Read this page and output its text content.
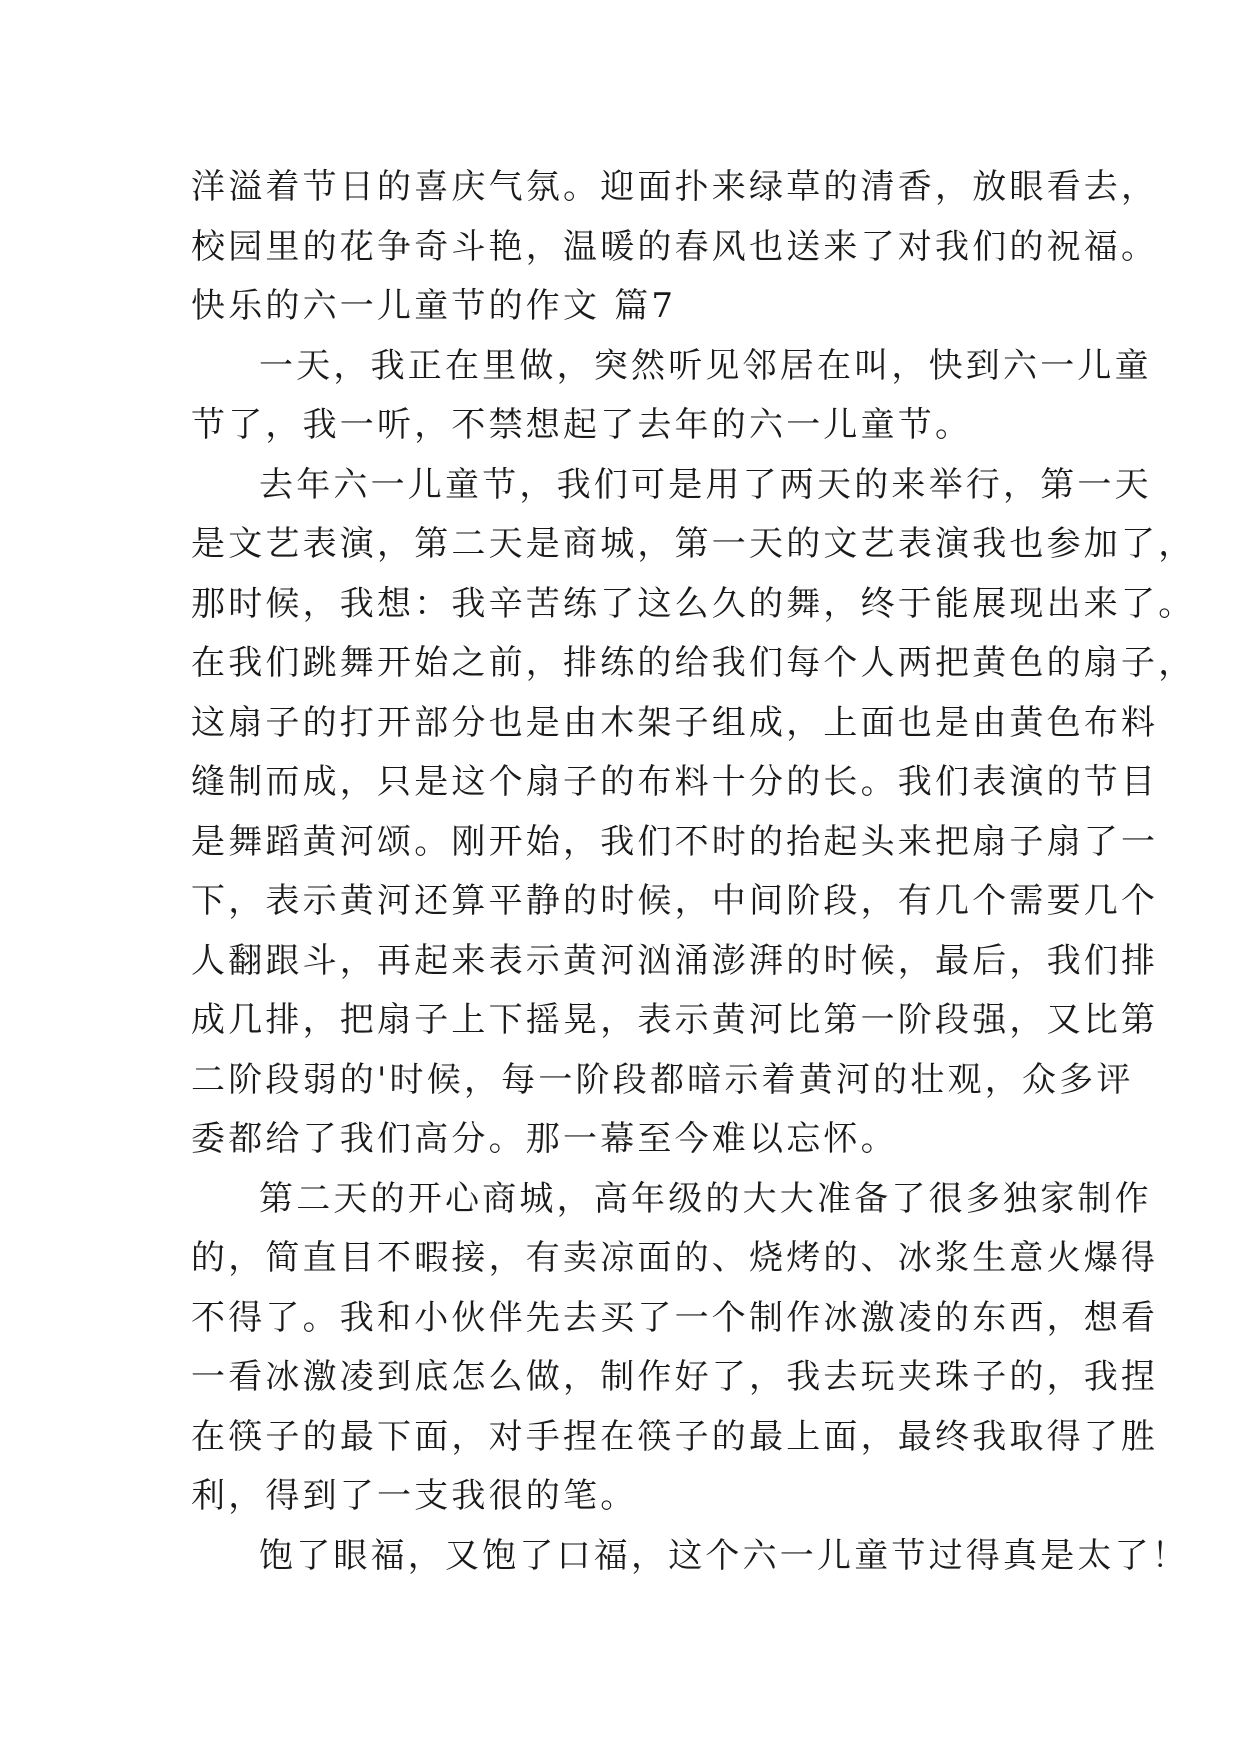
洋溢着节日的喜庆气氛。迎面扑来绿草的清香，放眼看去，
校园里的花争奇斗艳，温暖的春风也送来了对我们的祝福。
快乐的六一儿童节的作文 篇7
一天，我正在里做，突然听见邻居在叫，快到六一儿童
节了，我一听，不禁想起了去年的六一儿童节。
去年六一儿童节，我们可是用了两天的来举行，第一天
是文艺表演，第二天是商城，第一天的文艺表演我也参加了，
那时候，我想：我辛苦练了这么久的舞，终于能展现出来了。
在我们跳舞开始之前，排练的给我们每个人两把黄色的扇子，
这扇子的打开部分也是由木架子组成，上面也是由黄色布料
缝制而成，只是这个扇子的布料十分的长。我们表演的节目
是舞蹈黄河颂。刚开始，我们不时的抬起头来把扇子扇了一
下，表示黄河还算平静的时候，中间阶段，有几个需要几个
人翻跟斗，再起来表示黄河汹涌澎湃的时候，最后，我们排
成几排，把扇子上下摇晃，表示黄河比第一阶段强，又比第
二阶段弱的'时候，每一阶段都暗示着黄河的壮观，众多评
委都给了我们高分。那一幕至今难以忘怀。
第二天的开心商城，高年级的大大准备了很多独家制作
的，简直目不暇接，有卖凉面的、烧烤的、冰浆生意火爆得
不得了。我和小伙伴先去买了一个制作冰激凌的东西，想看
一看冰激凌到底怎么做，制作好了，我去玩夹珠子的，我捏
在筷子的最下面，对手捏在筷子的最上面，最终我取得了胜
利，得到了一支我很的笔。
饱了眼福，又饱了口福，这个六一儿童节过得真是太了！
